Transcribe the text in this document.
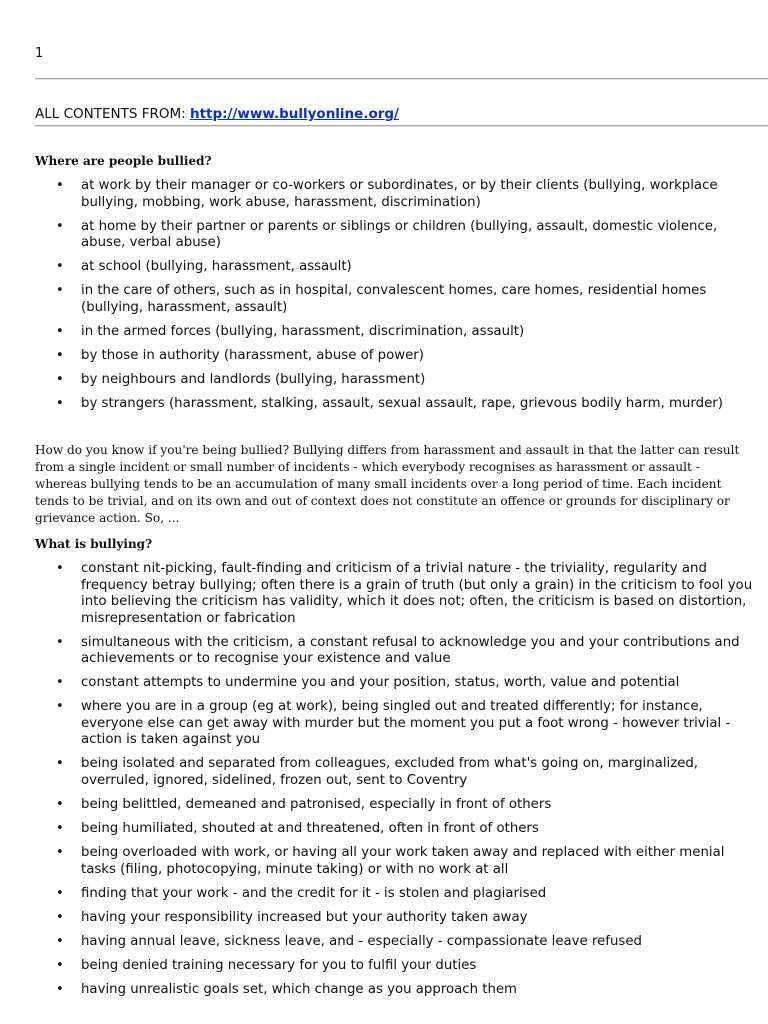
1
ALL CONTENTS FROM: http://www.bullyonline.org/
Where are people bullied?
• at work by their manager or co-workers or subordinates, or by their clients (bullying, workplace bullying, mobbing, work abuse, harassment, discrimination)
• at home by their partner or parents or siblings or children (bullying, assault, domestic violence, abuse, verbal abuse)
• at school (bullying, harassment, assault)
• in the care of others, such as in hospital, convalescent homes, care homes, residential homes (bullying, harassment, assault)
• in the armed forces (bullying, harassment, discrimination, assault)
• by those in authority (harassment, abuse of power)
• by neighbours and landlords (bullying, harassment)
• by strangers (harassment, stalking, assault, sexual assault, rape, grievous bodily harm, murder)

How do you know if you're being bullied? Bullying differs from harassment and assault in that the latter can result from a single incident or small number of incidents - which everybody recognises as harassment or assault - whereas bullying tends to be an accumulation of many small incidents over a long period of time. Each incident tends to be trivial, and on its own and out of context does not constitute an offence or grounds for disciplinary or grievance action. So, ...

What is bullying?
• constant nit-picking, fault-finding and criticism of a trivial nature - the triviality, regularity and frequency betray bullying; often there is a grain of truth (but only a grain) in the criticism to fool you into believing the criticism has validity, which it does not; often, the criticism is based on distortion, misrepresentation or fabrication
• simultaneous with the criticism, a constant refusal to acknowledge you and your contributions and achievements or to recognise your existence and value
• constant attempts to undermine you and your position, status, worth, value and potential
• where you are in a group (eg at work), being singled out and treated differently; for instance, everyone else can get away with murder but the moment you put a foot wrong - however trivial - action is taken against you
• being isolated and separated from colleagues, excluded from what's going on, marginalized, overruled, ignored, sidelined, frozen out, sent to Coventry
• being belittled, demeaned and patronised, especially in front of others
• being humiliated, shouted at and threatened, often in front of others
• being overloaded with work, or having all your work taken away and replaced with either menial tasks (filing, photocopying, minute taking) or with no work at all
• finding that your work - and the credit for it - is stolen and plagiarised
• having your responsibility increased but your authority taken away
• having annual leave, sickness leave, and - especially - compassionate leave refused
• being denied training necessary for you to fulfil your duties
• having unrealistic goals set, which change as you approach them
